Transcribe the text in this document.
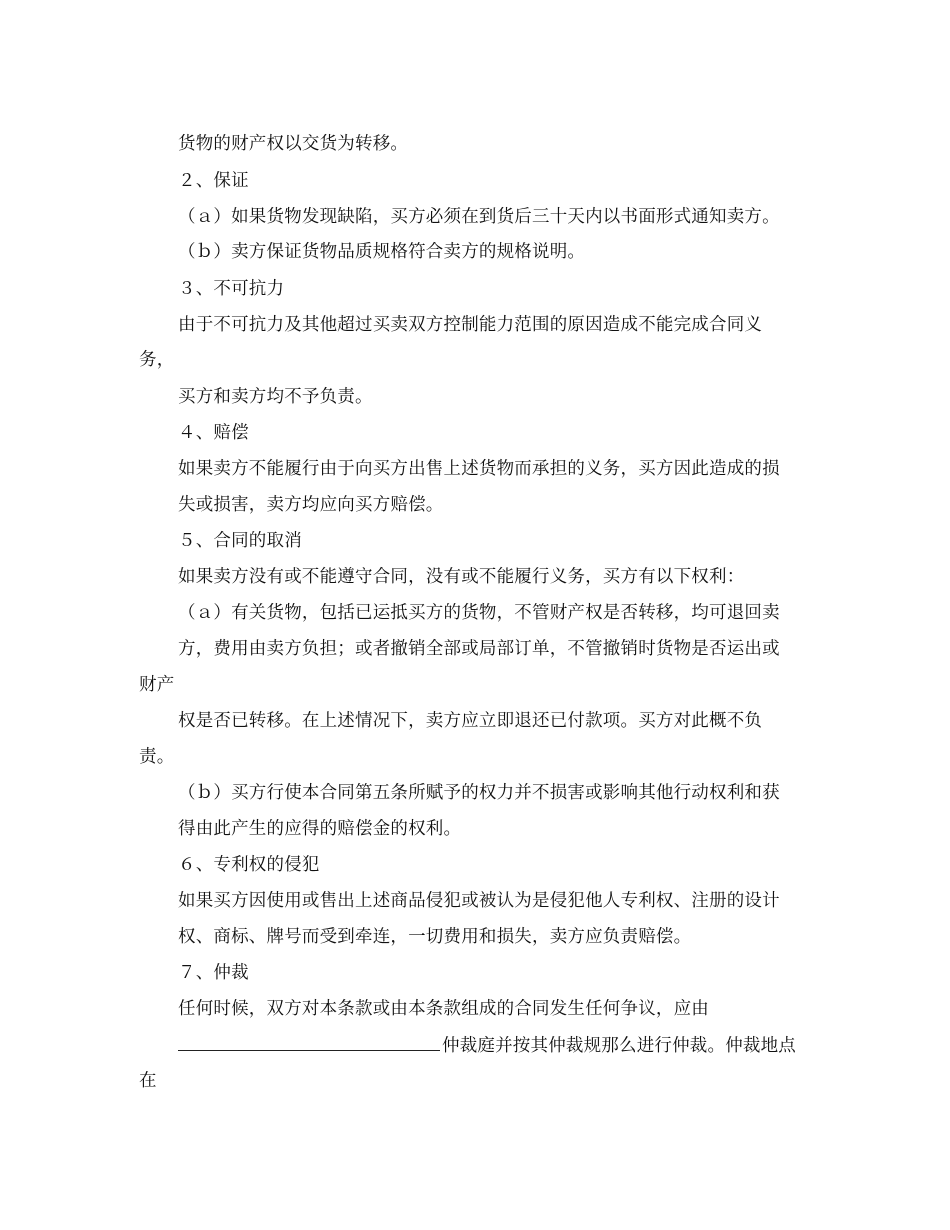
货物的财产权以交货为转移。
２、保证
（ａ）如果货物发现缺陷，买方必须在到货后三十天内以书面形式通知卖方。
（ｂ）卖方保证货物品质规格符合卖方的规格说明。
３、不可抗力
由于不可抗力及其他超过买卖双方控制能力范围的原因造成不能完成合同义
务，
买方和卖方均不予负责。
４、赔偿
如果卖方不能履行由于向买方出售上述货物而承担的义务，买方因此造成的损
失或损害，卖方均应向买方赔偿。
５、合同的取消
如果卖方没有或不能遵守合同，没有或不能履行义务，买方有以下权利：
（ａ）有关货物，包括已运抵买方的货物，不管财产权是否转移，均可退回卖
方，费用由卖方负担；或者撤销全部或局部订单，不管撤销时货物是否运出或
财产
权是否已转移。在上述情况下，卖方应立即退还已付款项。买方对此概不负
责。
（ｂ）买方行使本合同第五条所赋予的权力并不损害或影响其他行动权利和获
得由此产生的应得的赔偿金的权利。
６、专利权的侵犯
如果买方因使用或售出上述商品侵犯或被认为是侵犯他人专利权、注册的设计
权、商标、牌号而受到牵连，一切费用和损失，卖方应负责赔偿。
７、仲裁
任何时候，双方对本条款或由本条款组成的合同发生任何争议，应由
仲裁庭并按其仲裁规那么进行仲裁。仲裁地点
在
